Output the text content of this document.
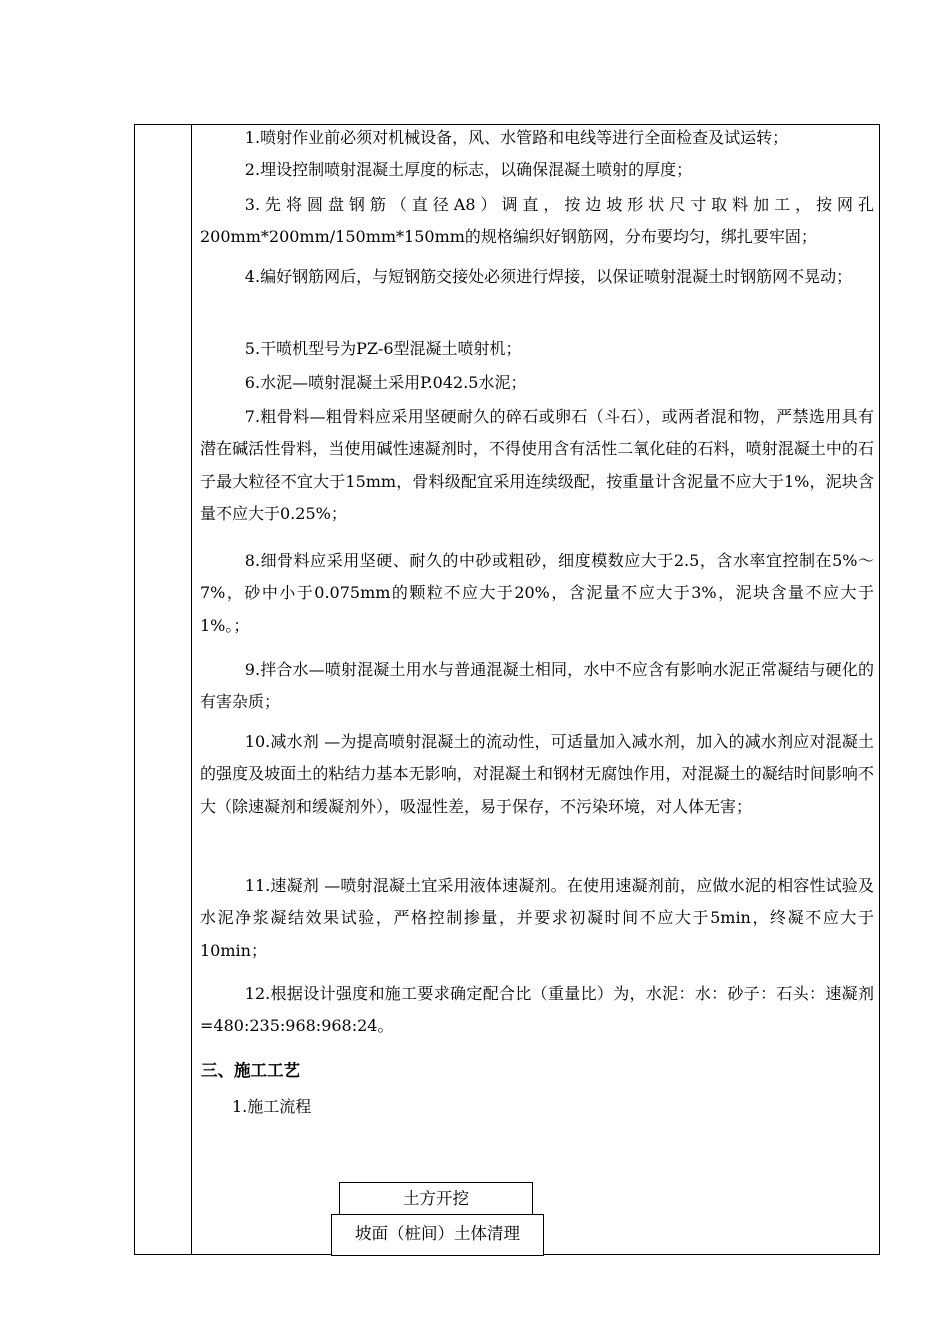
1.喷射作业前必须对机械设备，风、水管路和电线等进行全面检查及试运转；

2.埋设控制喷射混凝土厚度的标志，以确保混凝土喷射的厚度；

3.先将圆盘钢筋（直径A8）调直，按边坡形状尺寸取料加工，按网孔200mm*200mm/150mm*150mm的规格编织好钢筋网，分布要均匀，绑扎要牢固；

4.编好钢筋网后，与短钢筋交接处必须进行焊接，以保证喷射混凝土时钢筋网不晃动；

5.干喷机型号为PZ-6型混凝土喷射机；

6.水泥—喷射混凝土采用P.042.5水泥；

7.粗骨料—粗骨料应采用坚硬耐久的碎石或卵石（斗石），或两者混和物，严禁选用具有潜在碱活性骨料，当使用碱性速凝剂时，不得使用含有活性二氧化硅的石料，喷射混凝土中的石子最大粒径不宜大于15mm，骨料级配宜采用连续级配，按重量计含泥量不应大于1%，泥块含量不应大于0.25%；

8.细骨料应采用坚硬、耐久的中砂或粗砂，细度模数应大于2.5，含水率宜控制在5%～7%，砂中小于0.075mm的颗粒不应大于20%，含泥量不应大于3%，泥块含量不应大于1%。；

9.拌合水—喷射混凝土用水与普通混凝土相同，水中不应含有影响水泥正常凝结与硬化的有害杂质；

10.减水剂 —为提高喷射混凝土的流动性，可适量加入减水剂，加入的减水剂应对混凝土的强度及坡面土的粘结力基本无影响，对混凝土和钢材无腐蚀作用，对混凝土的凝结时间影响不大（除速凝剂和缓凝剂外），吸湿性差，易于保存，不污染环境，对人体无害；

11.速凝剂 —喷射混凝土宜采用液体速凝剂。在使用速凝剂前，应做水泥的相容性试验及水泥净浆凝结效果试验，严格控制掺量，并要求初凝时间不应大于5min，终凝不应大于10min；

12.根据设计强度和施工要求确定配合比（重量比）为，水泥：水：砂子：石头：速凝剂=480:235:968:968:24。

三、施工工艺

1.施工流程

土方开挖
坡面（桩间）土体清理
